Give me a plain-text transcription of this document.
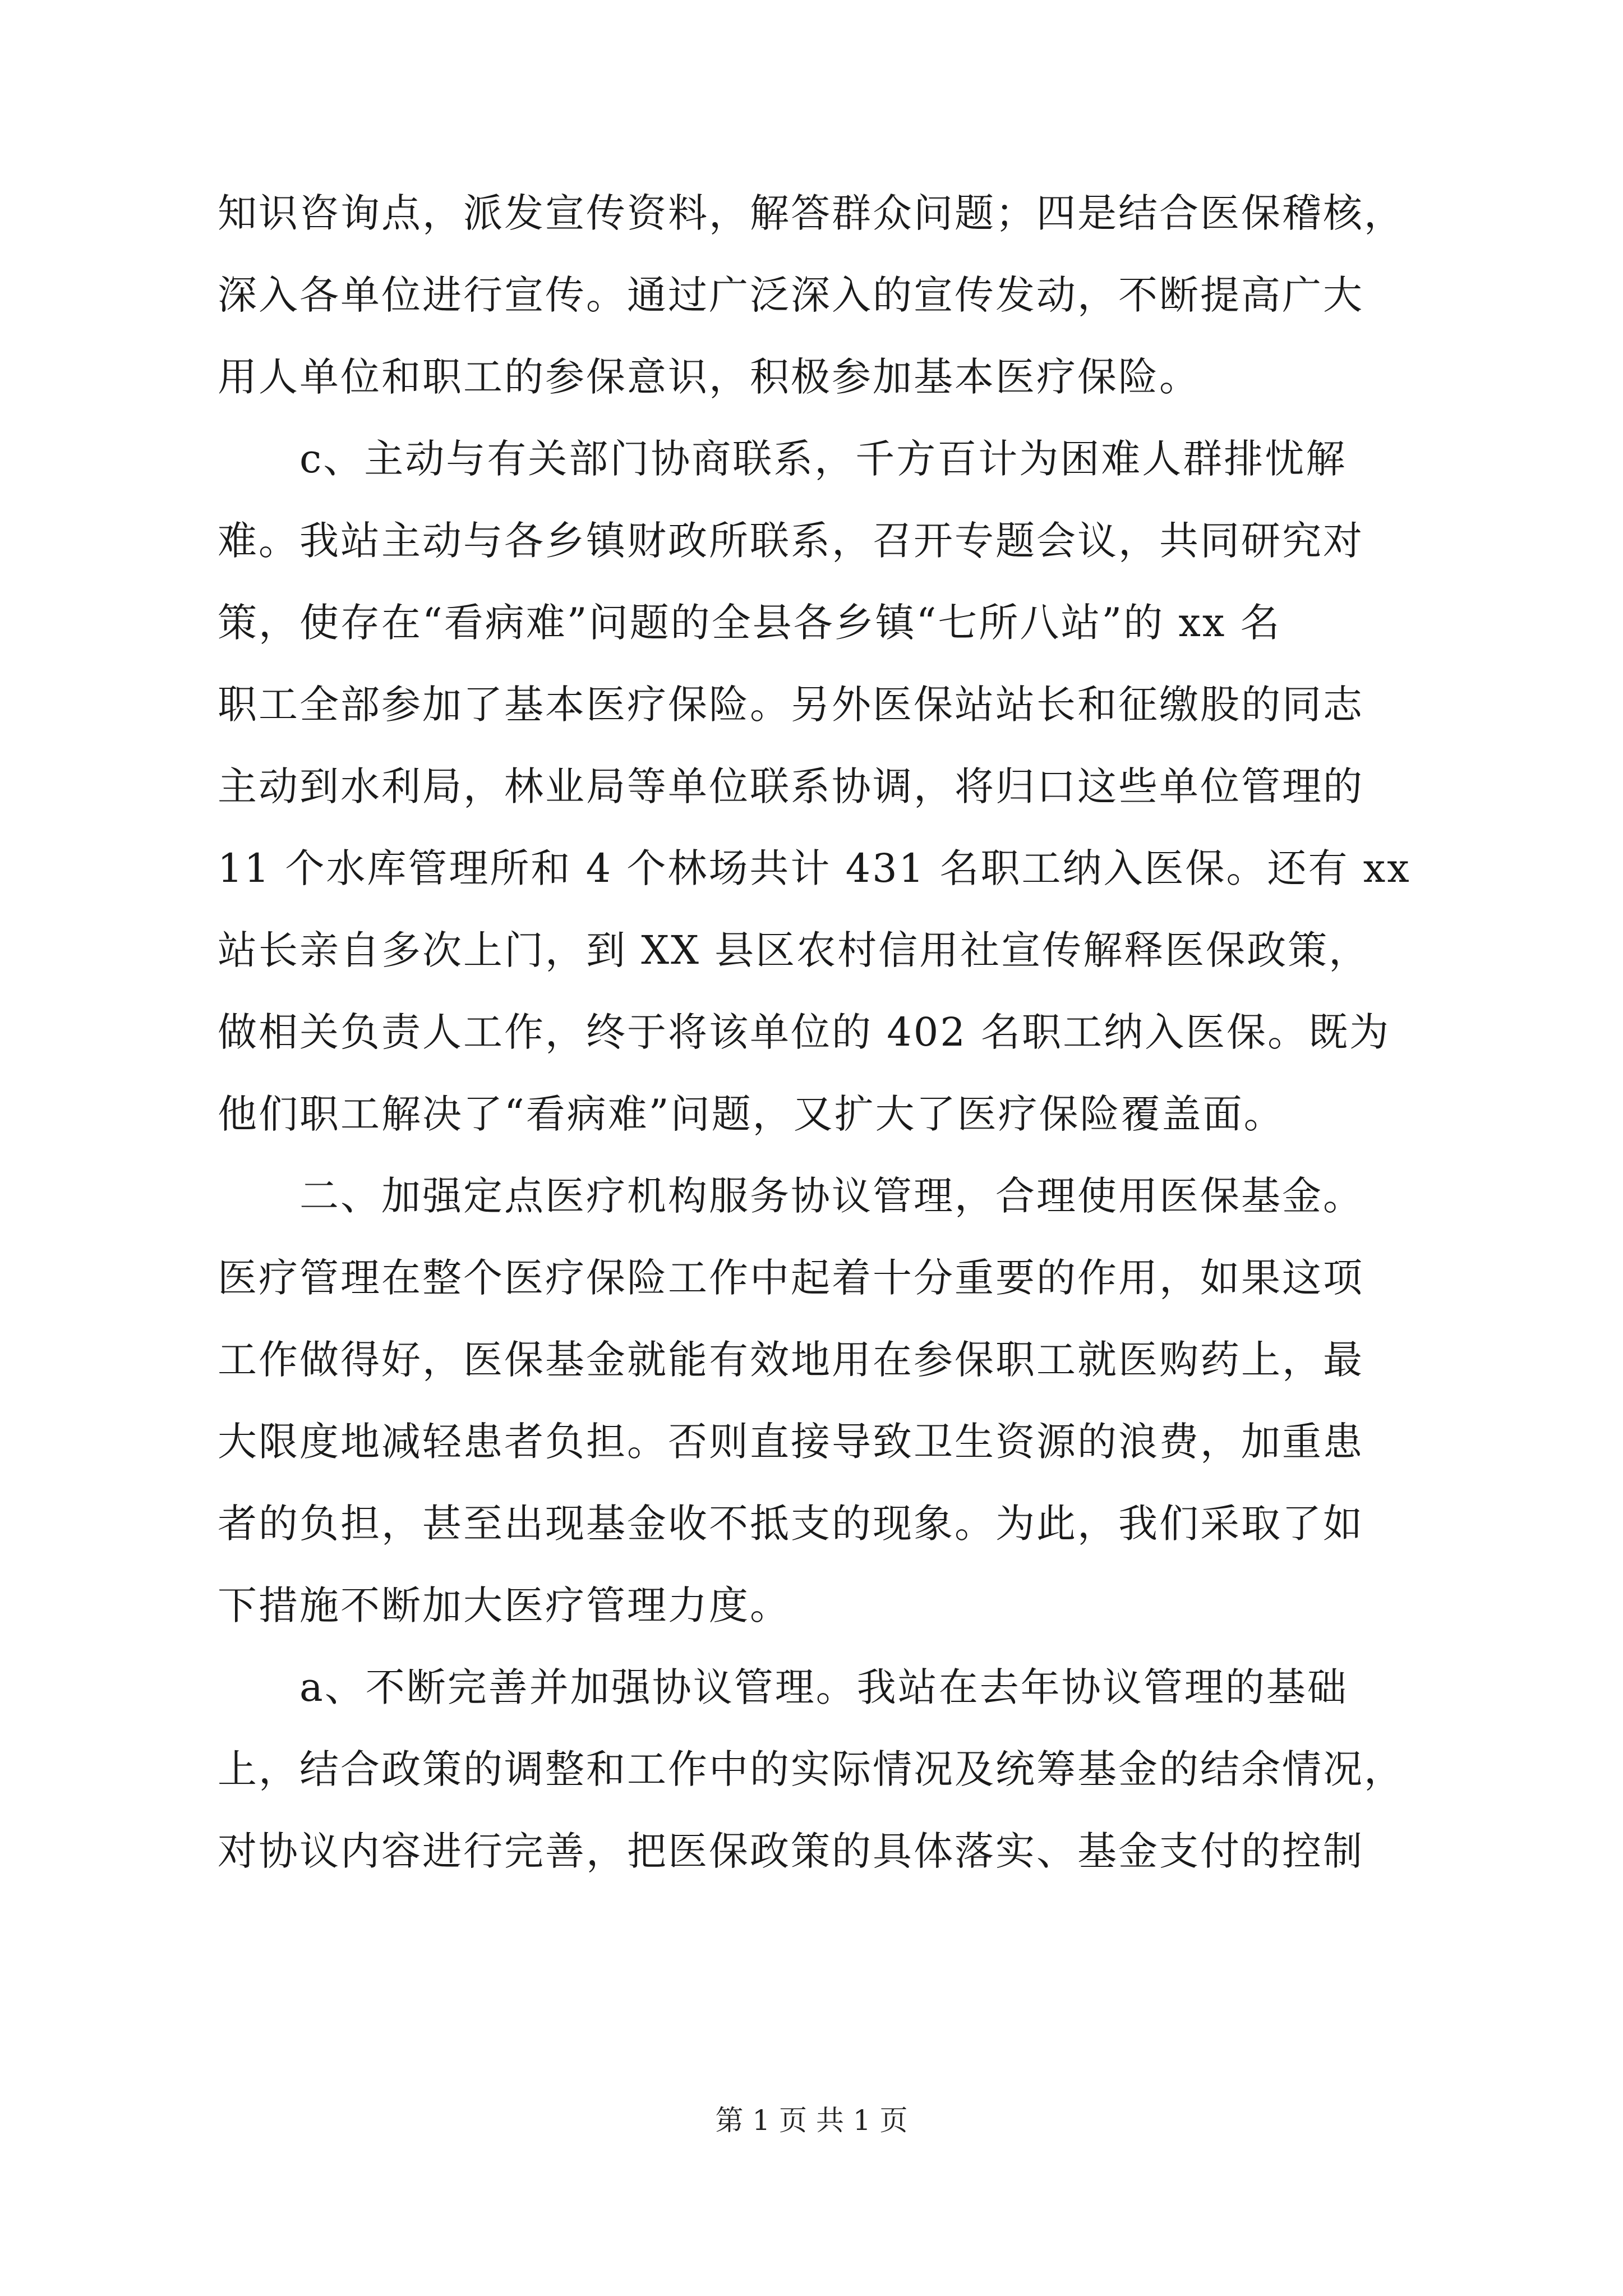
知识咨询点，派发宣传资料，解答群众问题；四是结合医保稽核，
深入各单位进行宣传。通过广泛深入的宣传发动，不断提高广大
用人单位和职工的参保意识，积极参加基本医疗保险。
　　c、主动与有关部门协商联系，千方百计为困难人群排忧解
难。我站主动与各乡镇财政所联系，召开专题会议，共同研究对
策，使存在“看病难”问题的全县各乡镇“七所八站”的 xx 名
职工全部参加了基本医疗保险。另外医保站站长和征缴股的同志
主动到水利局，林业局等单位联系协调，将归口这些单位管理的
11 个水库管理所和 4 个林场共计 431 名职工纳入医保。还有 xx
站长亲自多次上门，到 XX 县区农村信用社宣传解释医保政策，
做相关负责人工作，终于将该单位的 402 名职工纳入医保。既为
他们职工解决了“看病难”问题，又扩大了医疗保险覆盖面。
　　二、加强定点医疗机构服务协议管理，合理使用医保基金。
医疗管理在整个医疗保险工作中起着十分重要的作用，如果这项
工作做得好，医保基金就能有效地用在参保职工就医购药上，最
大限度地减轻患者负担。否则直接导致卫生资源的浪费，加重患
者的负担，甚至出现基金收不抵支的现象。为此，我们采取了如
下措施不断加大医疗管理力度。
　　a、不断完善并加强协议管理。我站在去年协议管理的基础
上，结合政策的调整和工作中的实际情况及统筹基金的结余情况，
对协议内容进行完善，把医保政策的具体落实、基金支付的控制
第 1 页 共 1 页
